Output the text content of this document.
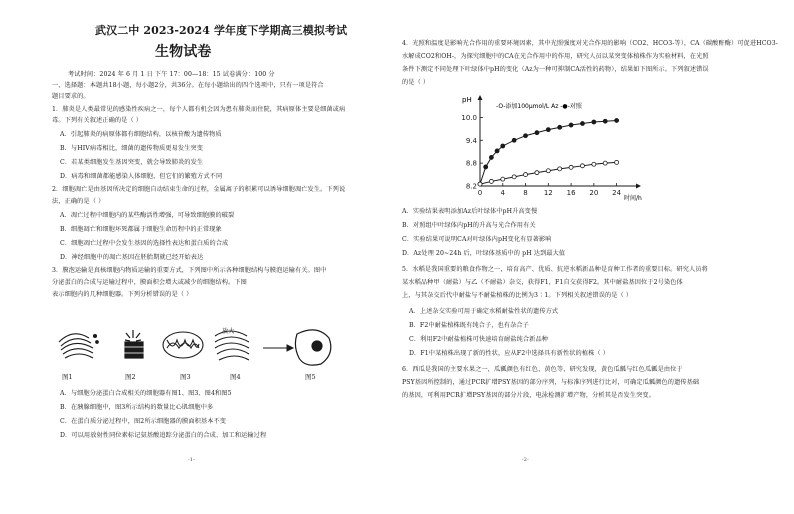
武汉二中 2023-2024 学年度下学期高三模拟考试
生物试卷
考试时间：2024 年 6 月 1 日 下午 17：00—18：15 试卷满分：100 分
一、选择题：本题共18小题，每小题2分，共36分。在每小题给出的四个选项中，只有一项是符合
题目要求的。
1．肺炎是人类最常见的感染性疾病之一，每个人都有机会因为患有肺炎而住院，其病原体主要是细菌或病
毒。下列有关叙述正确的是（ ）
A．引起肺炎的病原体都有细胞结构，以核苷酸为遗传物质
B．与HIV病毒相比，细菌的遗传物质更易发生突变
C．若某类细胞发生基因突变，就会导致肺炎的发生
D．病毒和细菌都能感染人体细胞，但它们的繁殖方式不同
2．细胞凋亡是由基因所决定的细胞自动结束生命的过程，金属离子的积累可以诱导细胞凋亡发生。下列说
法，正确的是（ ）
A．凋亡过程中细胞内的某些酶活性增强，可导致细胞膜的破裂
B．细胞凋亡和细胞坏死都属于细胞生命历程中的正常现象
C．细胞凋亡过程中会发生基因的选择性表达和蛋白质的合成
D．神经细胞中的凋亡基因在胚胎期就已经开始表达
3．膜泡运输是真核细胞内物质运输的重要方式，下列图中所示各种细胞结构与膜泡运输有关。图中
分泌蛋白的合成与运输过程中，膜面积会增大或减少的细胞结构。下图
表示细胞内的几种细胞器。下列分析错误的是（ ）
放大
图1	图2	图3	图4	图5
A．与细胞分泌蛋白合成相关的细胞器有图1、图3、图4和图5
B．在胰腺细胞中，图3所示结构的数量比心肌细胞中多
C．在蛋白质分泌过程中，图2所示细胞器的膜面积基本不变
D．可以用放射性同位素标记氨基酸追踪分泌蛋白的合成、加工和运输过程
-1-
4．光照和温度是影响光合作用的重要环境因素，其中光照强度对光合作用的影响（CO2、HCO3-等），CA（碳酸酐酶）可促进HCO3-
水解成CO2和OH-，为探究细胞中的CA在光合作用中的作用，研究人员以某突变体植株作为实验材料，在光照
条件下测定不同处理下叶绿体中pH的变化（Az为一种可抑制CA活性的药物），结果如下图所示。下列叙述错误
的是（ ）
0	4	8 12 16 20 24
8.2
8.8
9.4
10.0
pH
时间/h
-O-添加100μmol/L Az -●-对照
A．实验结果表明添加Az后叶绿体中pH升高变慢
B．对照组中叶绿体内pH的升高与光合作用有关
C．实验结果可说明CA对叶绿体内pH变化有显著影响
D．Az处理 20~24h 后，叶绿体基质中的 pH 达到最大值
5．水稻是我国重要的粮食作物之一，培育高产、优质、抗逆水稻新品种是育种工作者的重要目标。研究人员将
某水稻品种甲（耐盐）与乙（不耐盐）杂交，获得F1，F1自交获得F2。其中耐盐基因位于2号染色体
上，与其杂交后代中耐盐与不耐盐植株的比例为3∶1。下列相关叙述错误的是（ ）
A．上述杂交实验可用于确定水稻耐盐性状的遗传方式
B．F2中耐盐植株既有纯合子，也有杂合子
C．利用F2中耐盐植株可快速培育耐盐纯合新品种
D．F1中某植株出现了新的性状，应从F2中选择具有新性状的植株（ ）
6．西瓜是我国的主要水果之一，瓜瓤颜色有红色、黄色等，研究发现，黄色瓜瓤与红色瓜瓤是由位于
PSY基因所控制的，通过PCR扩增PSY基因的部分序列，与标准序列进行比对，可确定瓜瓤颜色的遗传基础
的基因，可利用PCR扩增PSY基因的部分片段，电泳检测扩增产物，分析其是否发生突变。
-2-
